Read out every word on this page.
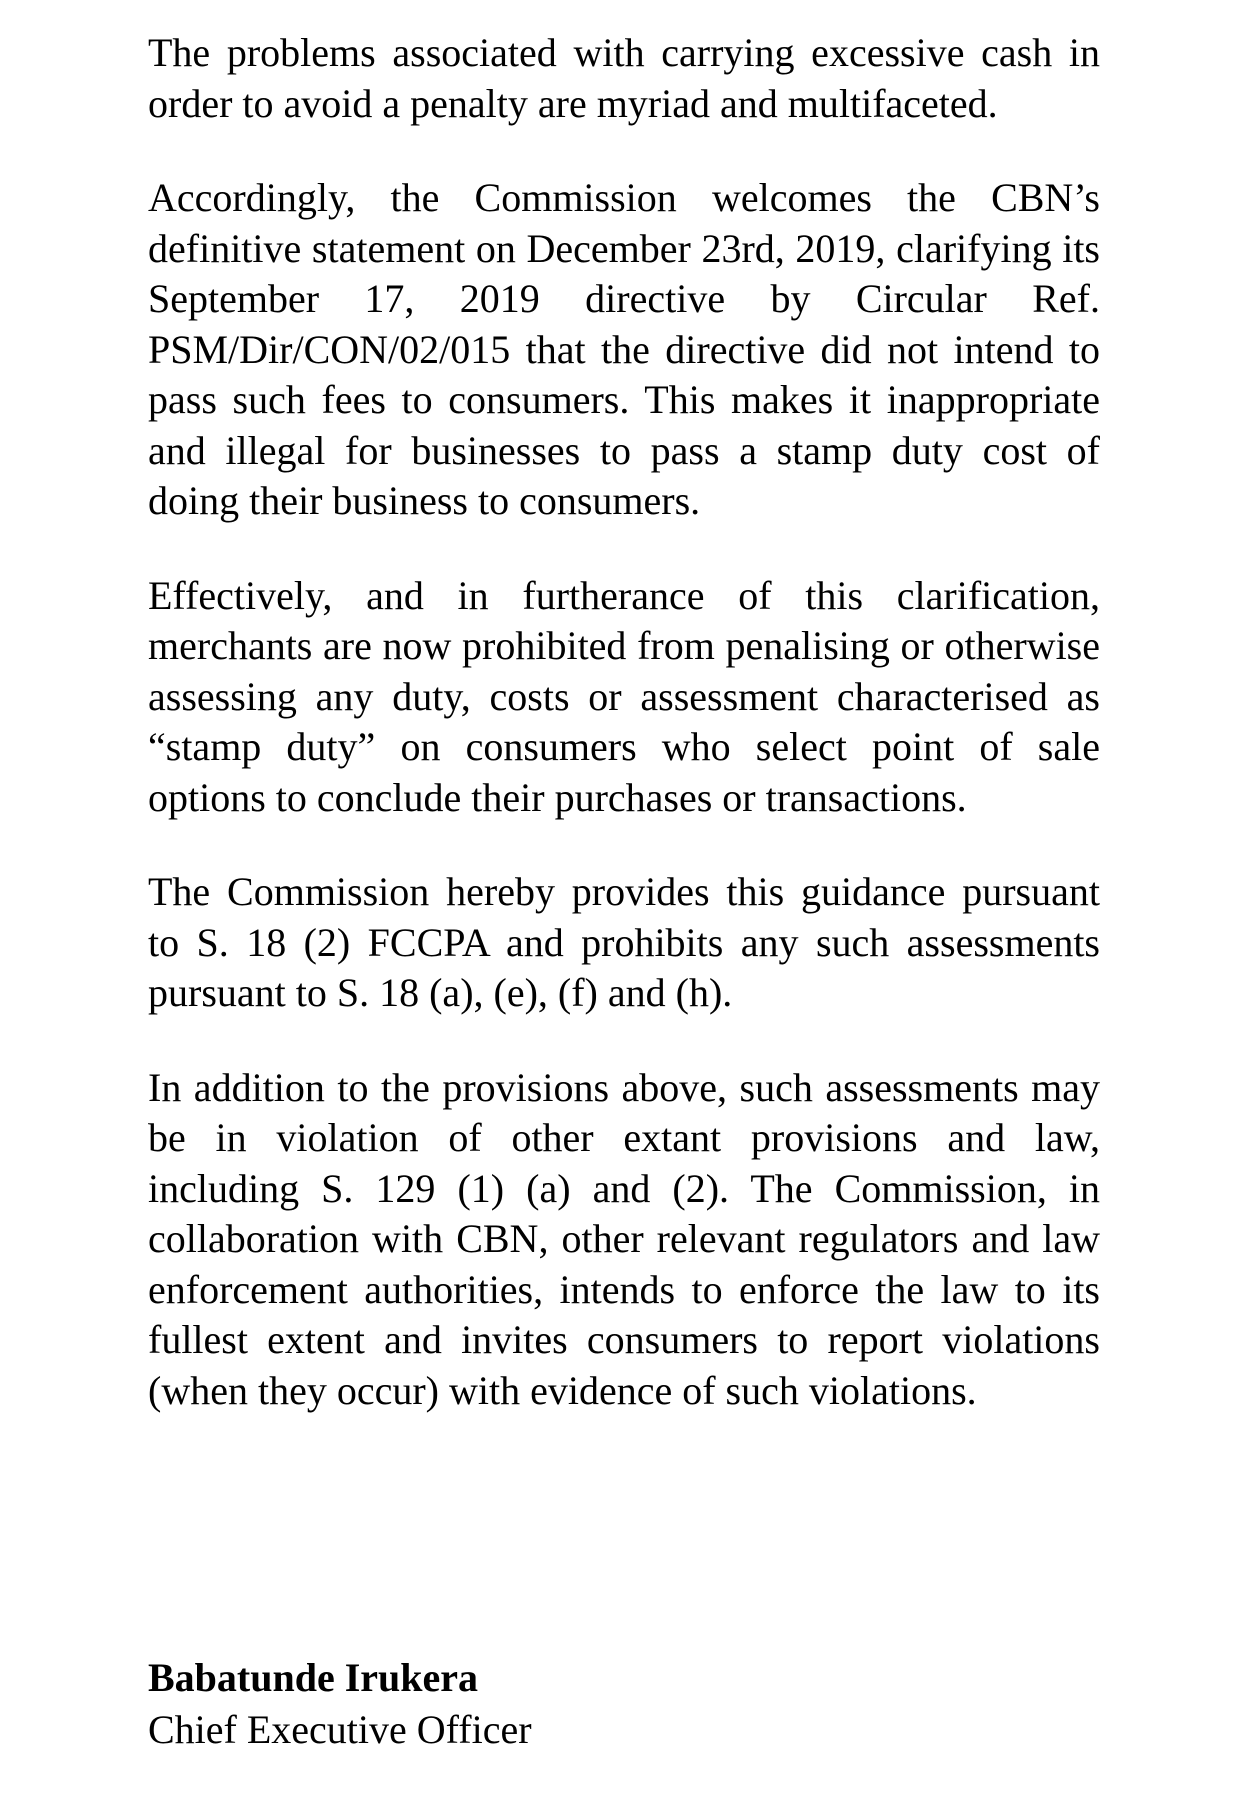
The problems associated with carrying excessive cash in order to avoid a penalty are myriad and multifaceted.

Accordingly, the Commission welcomes the CBN’s definitive statement on December 23rd, 2019, clarifying its September 17, 2019 directive by Circular Ref. PSM/Dir/CON/02/015 that the directive did not intend to pass such fees to consumers. This makes it inappropriate and illegal for businesses to pass a stamp duty cost of doing their business to consumers.

Effectively, and in furtherance of this clarification, merchants are now prohibited from penalising or otherwise assessing any duty, costs or assessment characterised as “stamp duty” on consumers who select point of sale options to conclude their purchases or transactions.

The Commission hereby provides this guidance pursuant to S. 18 (2) FCCPA and prohibits any such assessments pursuant to S. 18 (a), (e), (f) and (h).

In addition to the provisions above, such assessments may be in violation of other extant provisions and law, including S. 129 (1) (a) and (2). The Commission, in collaboration with CBN, other relevant regulators and law enforcement authorities, intends to enforce the law to its fullest extent and invites consumers to report violations (when they occur) with evidence of such violations.

Babatunde Irukera
Chief Executive Officer
